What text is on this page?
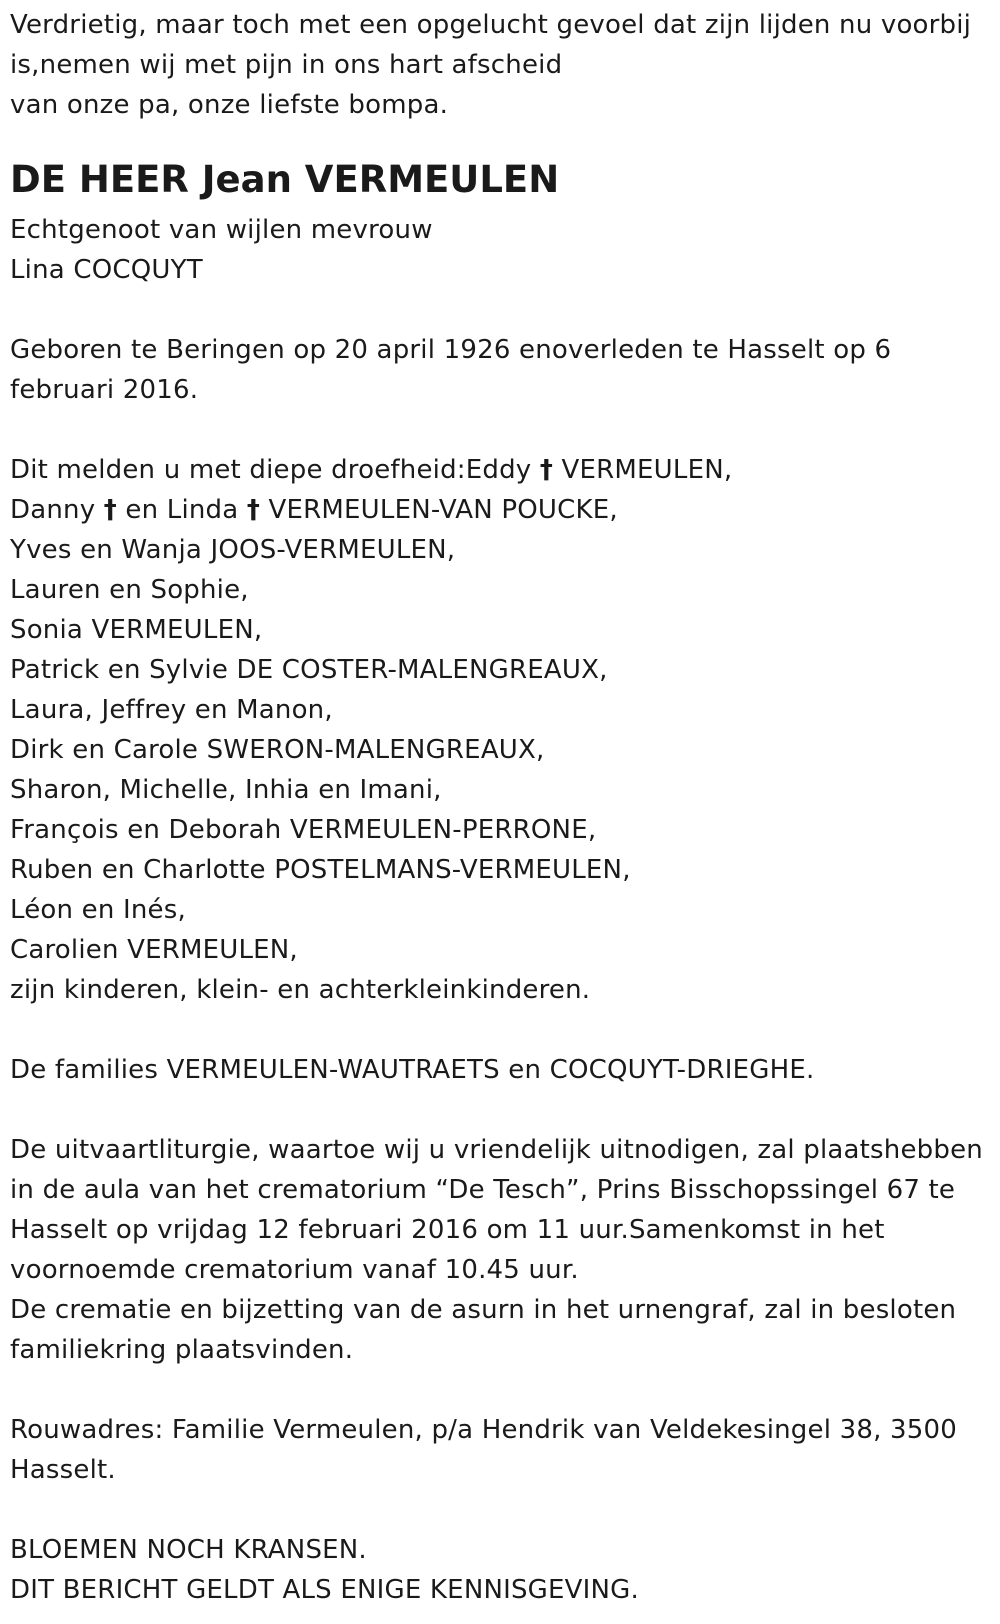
Verdrietig, maar toch met een opgelucht gevoel dat zijn lijden nu voorbij
is,nemen wij met pijn in ons hart afscheid
van onze pa, onze liefste bompa.

DE HEER Jean VERMEULEN

Echtgenoot van wijlen mevrouw
Lina COCQUYT

Geboren te Beringen op 20 april 1926 enoverleden te Hasselt op 6
februari 2016.

Dit melden u met diepe droefheid:Eddy † VERMEULEN,
Danny † en Linda † VERMEULEN-VAN POUCKE,
Yves en Wanja JOOS-VERMEULEN,
Lauren en Sophie,
Sonia VERMEULEN,
Patrick en Sylvie DE COSTER-MALENGREAUX,
Laura, Jeffrey en Manon,
Dirk en Carole SWERON-MALENGREAUX,
Sharon, Michelle, Inhia en Imani,
François en Deborah VERMEULEN-PERRONE,
Ruben en Charlotte POSTELMANS-VERMEULEN,
Léon en Inés,
Carolien VERMEULEN,
zijn kinderen, klein- en achterkleinkinderen.

De families VERMEULEN-WAUTRAETS en COCQUYT-DRIEGHE.

De uitvaartliturgie, waartoe wij u vriendelijk uitnodigen, zal plaatshebben
in de aula van het crematorium “De Tesch”, Prins Bisschopssingel 67 te
Hasselt op vrijdag 12 februari 2016 om 11 uur.Samenkomst in het
voornoemde crematorium vanaf 10.45 uur.
De crematie en bijzetting van de asurn in het urnengraf, zal in besloten
familiekring plaatsvinden.

Rouwadres: Familie Vermeulen, p/a Hendrik van Veldekesingel 38, 3500
Hasselt.

BLOEMEN NOCH KRANSEN.
DIT BERICHT GELDT ALS ENIGE KENNISGEVING.
